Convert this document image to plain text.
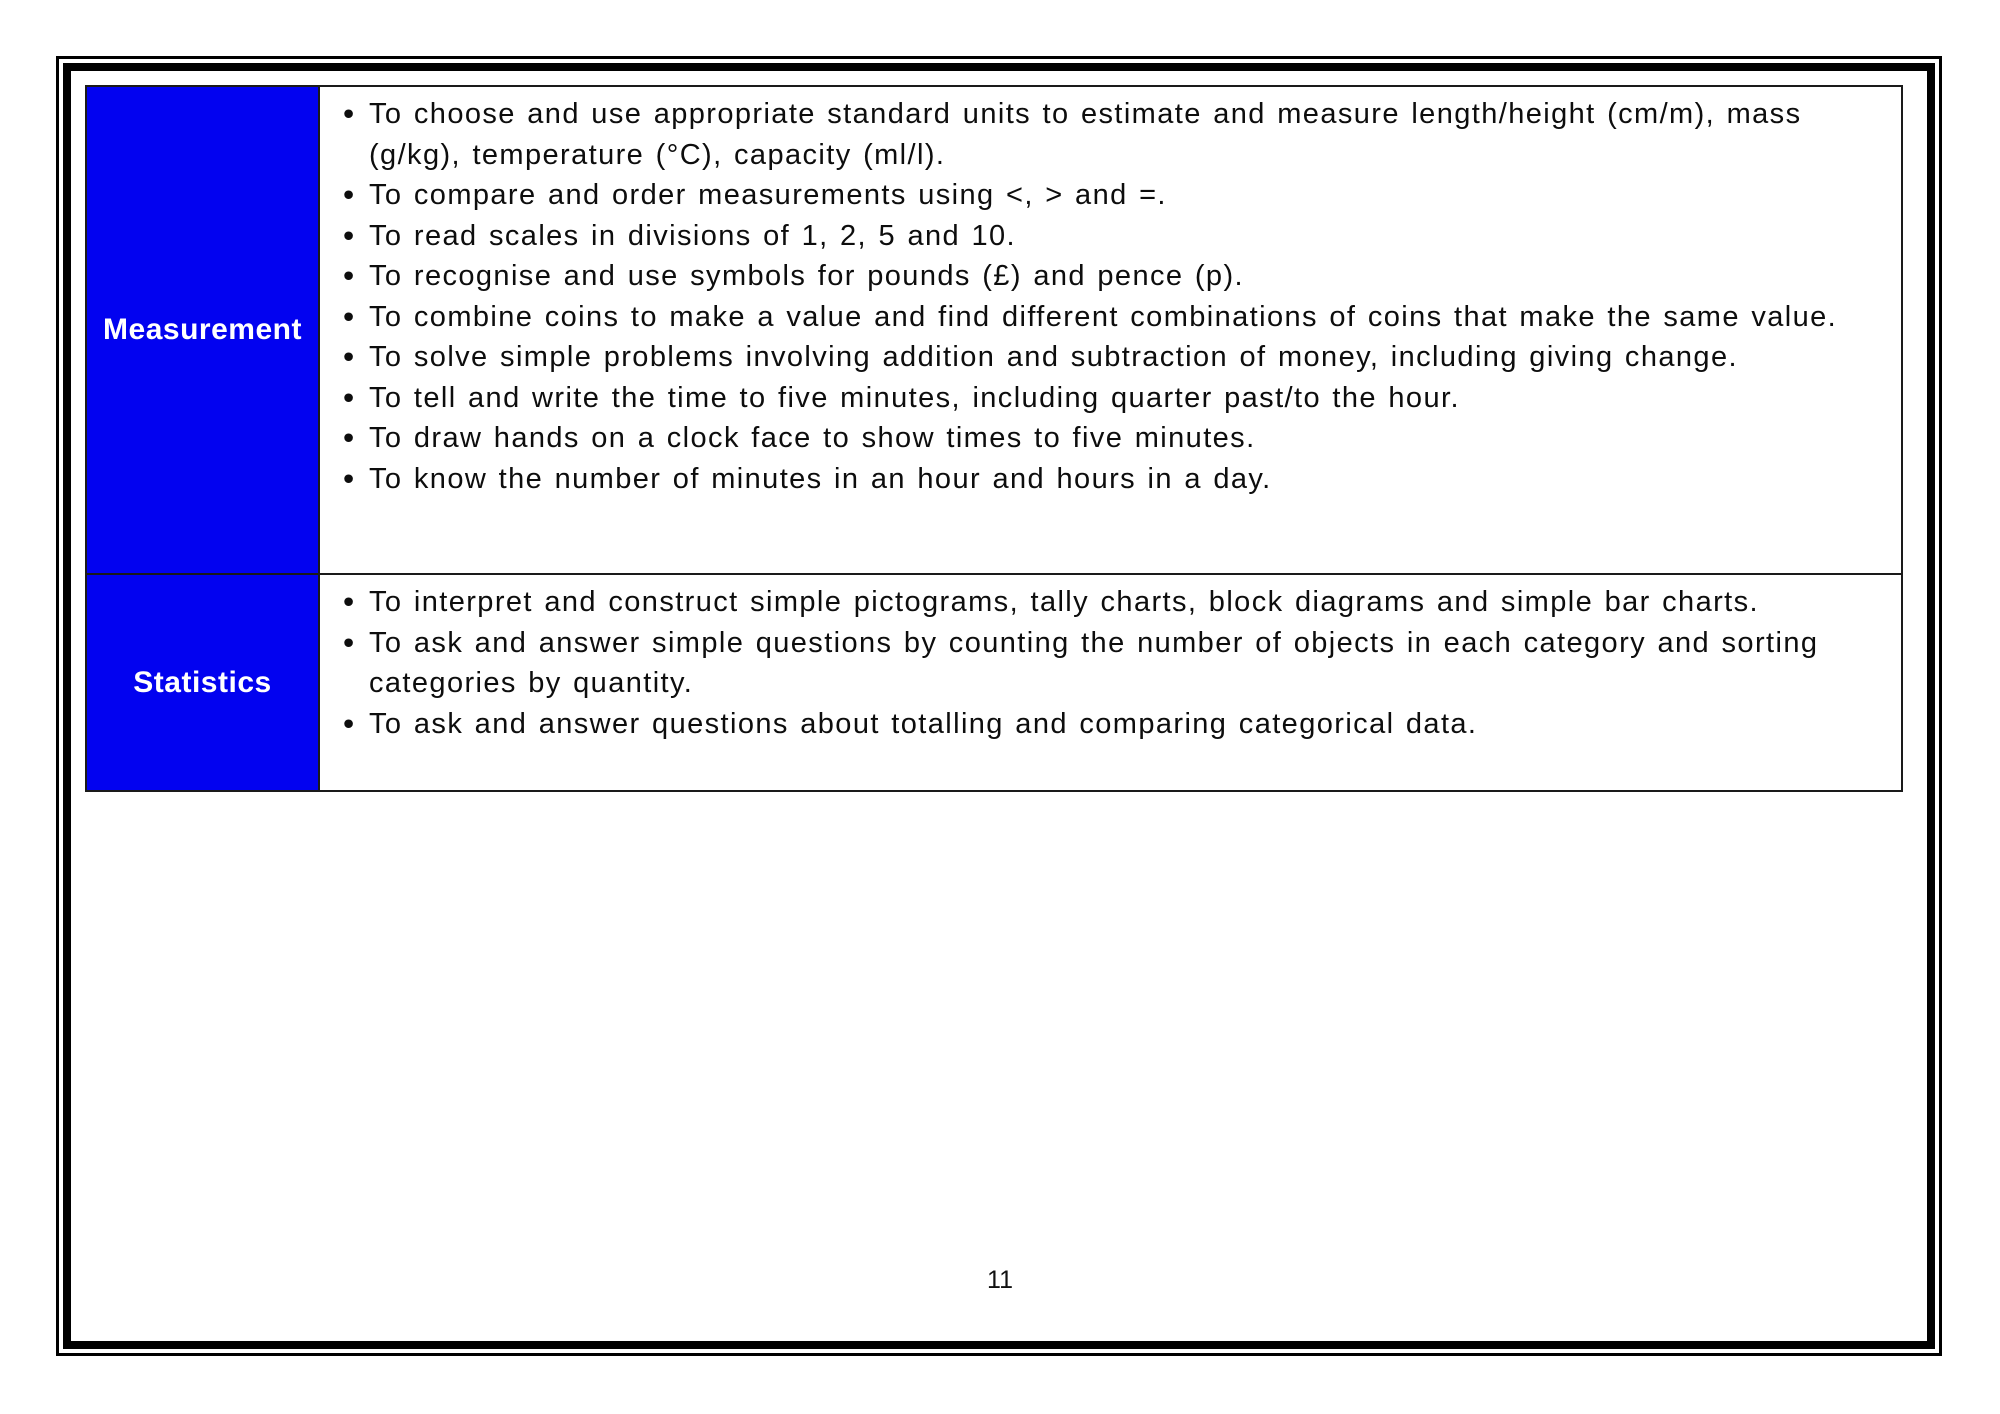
Measurement
• To choose and use appropriate standard units to estimate and measure length/height (cm/m), mass (g/kg), temperature (°C), capacity (ml/l).
• To compare and order measurements using <, > and =.
• To read scales in divisions of 1, 2, 5 and 10.
• To recognise and use symbols for pounds (£) and pence (p).
• To combine coins to make a value and find different combinations of coins that make the same value.
• To solve simple problems involving addition and subtraction of money, including giving change.
• To tell and write the time to five minutes, including quarter past/to the hour.
• To draw hands on a clock face to show times to five minutes.
• To know the number of minutes in an hour and hours in a day.
Statistics
• To interpret and construct simple pictograms, tally charts, block diagrams and simple bar charts.
• To ask and answer simple questions by counting the number of objects in each category and sorting categories by quantity.
• To ask and answer questions about totalling and comparing categorical data.
11
